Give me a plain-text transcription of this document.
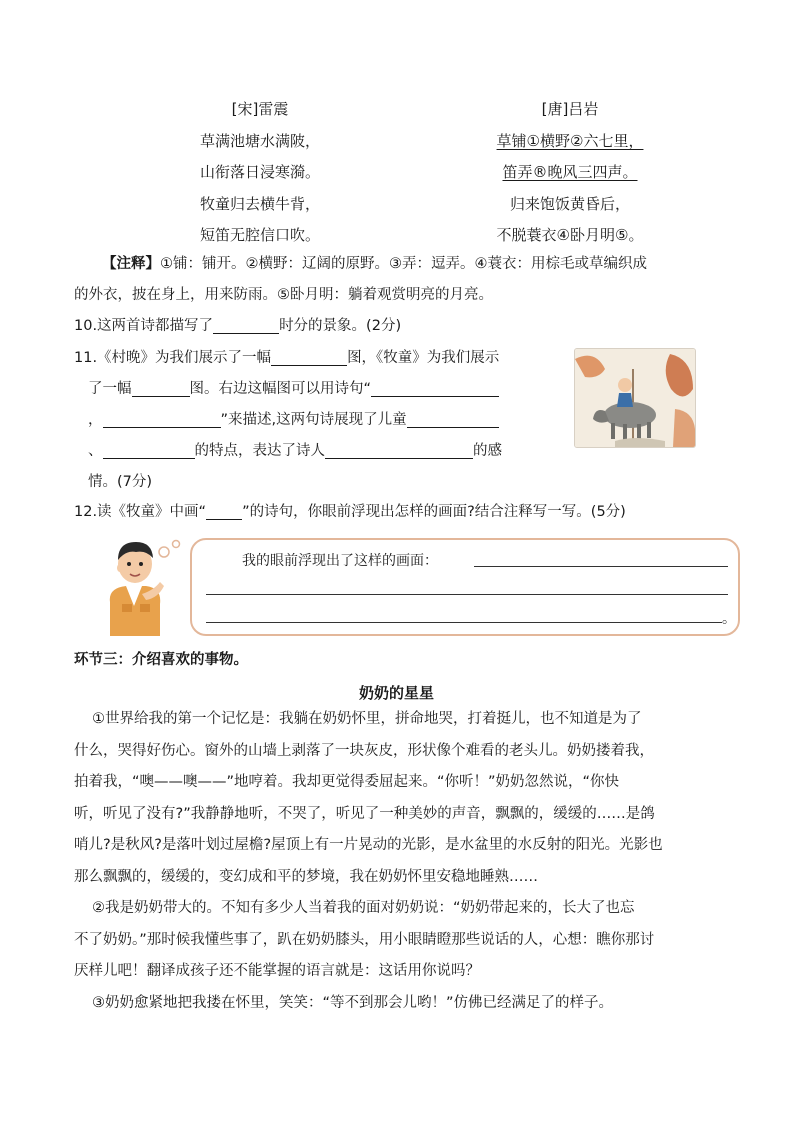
[宋]雷震
草满池塘水满陂，
山衔落日浸寒漪。
牧童归去横牛背，
短笛无腔信口吹。
[唐]吕岩
草铺①横野②六七里，
笛弄®晚风三四声。
归来饱饭黄昏后，
不脱蓑衣④卧月明⑤。
【注释】①铺：铺开。②横野：辽阔的原野。③弄：逗弄。④蓑衣：用棕毛或草编织成
的外衣，披在身上，用来防雨。⑤卧月明：躺着观赏明亮的月亮。
10.这两首诗都描写了	时分的景象。(2分)
11.《村晚》为我们展示了一幅	图，《牧童》为我们展示
了一幅	图。右边这幅图可以用诗句“
，	”来描述,这两句诗展现了儿童
、	的特点，表达了诗人	的感
情。(7分)
12.读《牧童》中画“ ”的诗句，你眼前浮现出怎样的画面?结合注释写一写。(5分)
我的眼前浮现出了这样的画面：
。
环节三：介绍喜欢的事物。
奶奶的星星
①世界给我的第一个记忆是：我躺在奶奶怀里，拼命地哭，打着挺儿，也不知道是为了
什么，哭得好伤心。窗外的山墙上剥落了一块灰皮，形状像个难看的老头儿。奶奶搂着我，
拍着我，“噢——噢——”地哼着。我却更觉得委屈起来。“你听！”奶奶忽然说，“你快
听，听见了没有?”我静静地听，不哭了，听见了一种美妙的声音，飘飘的，缓缓的……是鸽
哨儿?是秋风?是落叶划过屋檐?屋顶上有一片晃动的光影，是水盆里的水反射的阳光。光影也
那么飘飘的，缓缓的，变幻成和平的梦境，我在奶奶怀里安稳地睡熟……
②我是奶奶带大的。不知有多少人当着我的面对奶奶说：“奶奶带起来的，长大了也忘
不了奶奶。”那时候我懂些事了，趴在奶奶膝头，用小眼睛瞪那些说话的人，心想：瞧你那讨
厌样儿吧！翻译成孩子还不能掌握的语言就是：这话用你说吗？
③奶奶愈紧地把我搂在怀里，笑笑：“等不到那会儿哟！”仿佛已经满足了的样子。
